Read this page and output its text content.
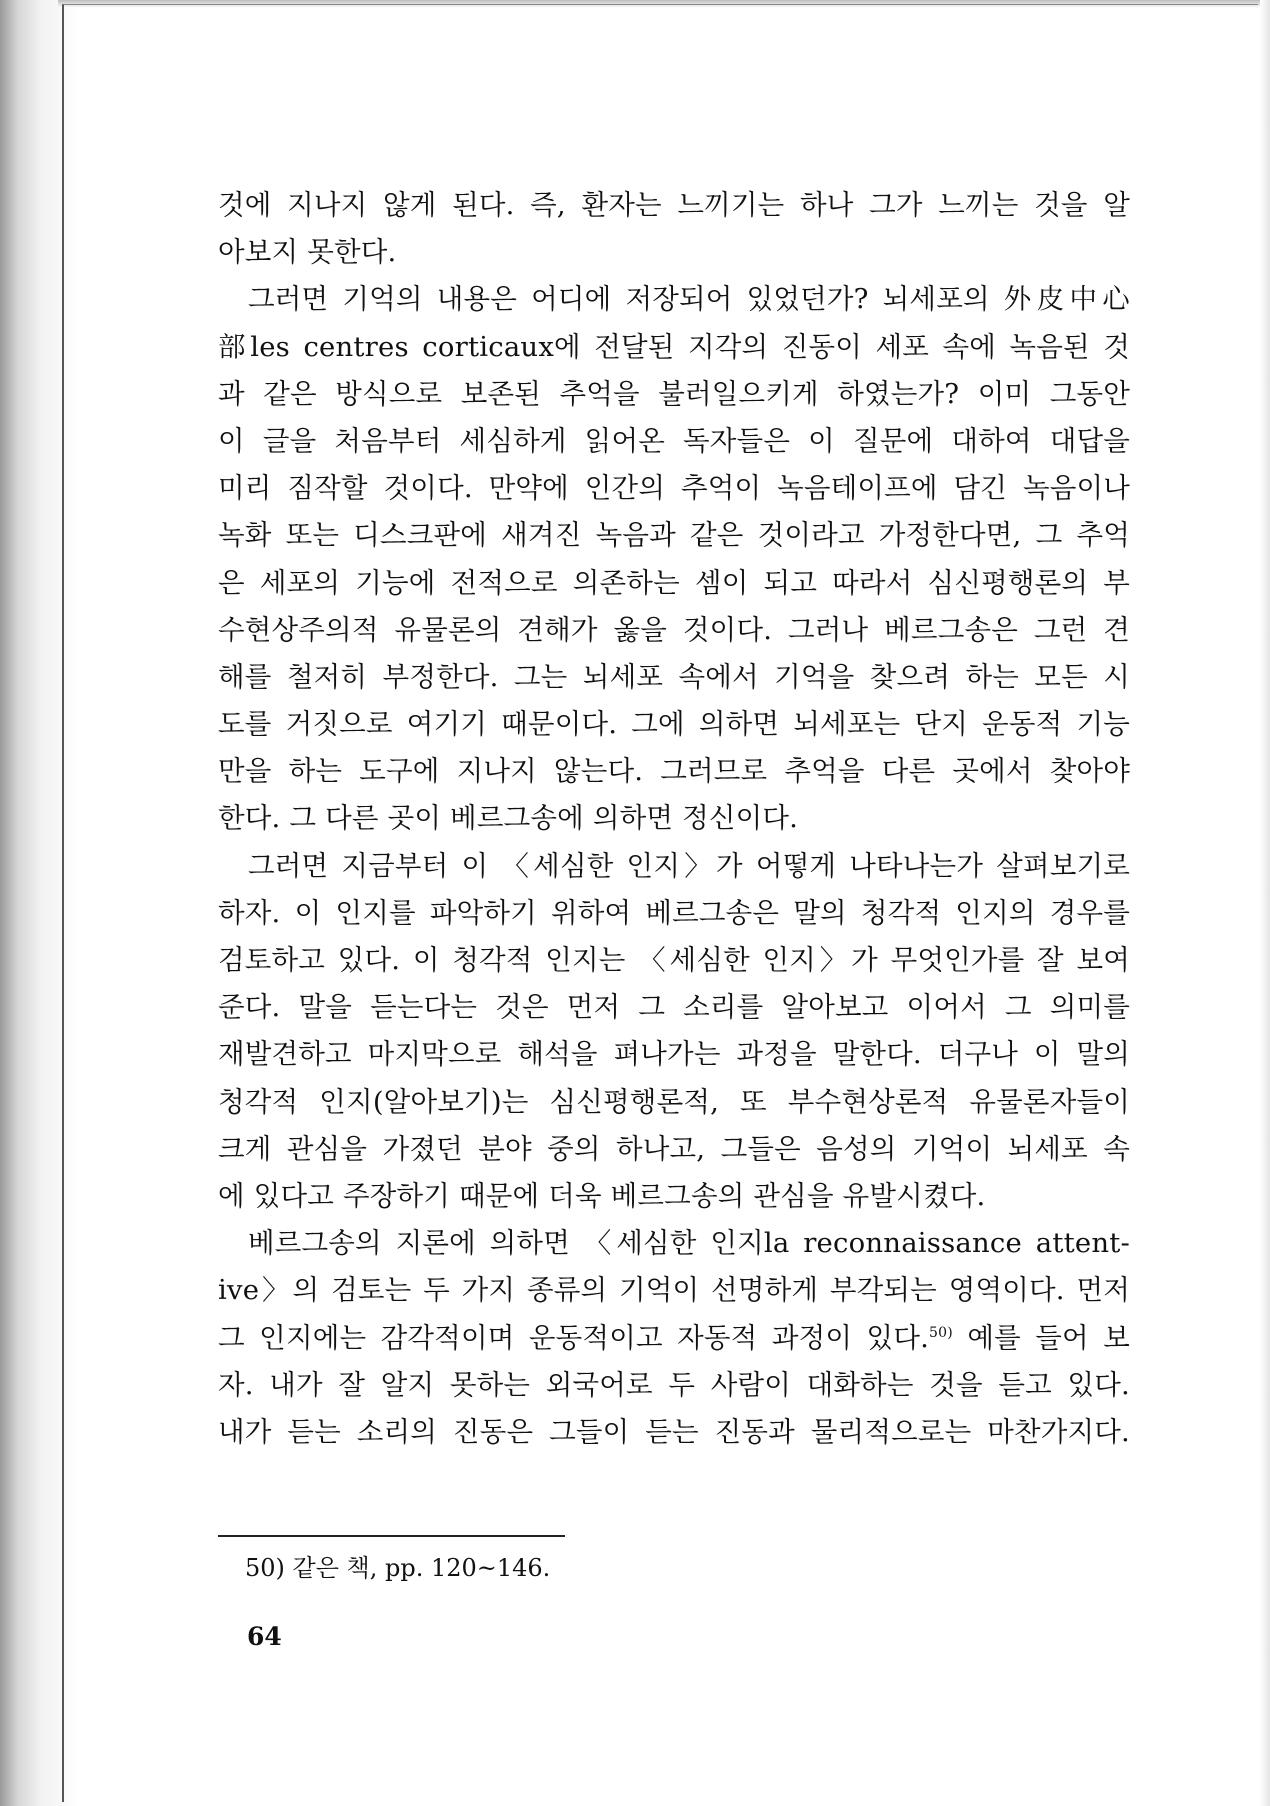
것에 지나지 않게 된다. 즉, 환자는 느끼기는 하나 그가 느끼는 것을 알
아보지 못한다.
그러면 기억의 내용은 어디에 저장되어 있었던가? 뇌세포의 外皮中心
部les centres corticaux에 전달된 지각의 진동이 세포 속에 녹음된 것
과 같은 방식으로 보존된 추억을 불러일으키게 하였는가? 이미 그동안
이 글을 처음부터 세심하게 읽어온 독자들은 이 질문에 대하여 대답을
미리 짐작할 것이다. 만약에 인간의 추억이 녹음테이프에 담긴 녹음이나
녹화 또는 디스크판에 새겨진 녹음과 같은 것이라고 가정한다면, 그 추억
은 세포의 기능에 전적으로 의존하는 셈이 되고 따라서 심신평행론의 부
수현상주의적 유물론의 견해가 옳을 것이다. 그러나 베르그송은 그런 견
해를 철저히 부정한다. 그는 뇌세포 속에서 기억을 찾으려 하는 모든 시
도를 거짓으로 여기기 때문이다. 그에 의하면 뇌세포는 단지 운동적 기능
만을 하는 도구에 지나지 않는다. 그러므로 추억을 다른 곳에서 찾아야
한다. 그 다른 곳이 베르그송에 의하면 정신이다.
그러면 지금부터 이 〈세심한 인지〉가 어떻게 나타나는가 살펴보기로
하자. 이 인지를 파악하기 위하여 베르그송은 말의 청각적 인지의 경우를
검토하고 있다. 이 청각적 인지는 〈세심한 인지〉가 무엇인가를 잘 보여
준다. 말을 듣는다는 것은 먼저 그 소리를 알아보고 이어서 그 의미를
재발견하고 마지막으로 해석을 펴나가는 과정을 말한다. 더구나 이 말의
청각적 인지(알아보기)는 심신평행론적, 또 부수현상론적 유물론자들이
크게 관심을 가졌던 분야 중의 하나고, 그들은 음성의 기억이 뇌세포 속
에 있다고 주장하기 때문에 더욱 베르그송의 관심을 유발시켰다.
베르그송의 지론에 의하면 〈세심한 인지la reconnaissance attent-
ive〉의 검토는 두 가지 종류의 기억이 선명하게 부각되는 영역이다. 먼저
그 인지에는 감각적이며 운동적이고 자동적 과정이 있다.$^{50)}$ 예를 들어 보
자. 내가 잘 알지 못하는 외국어로 두 사람이 대화하는 것을 듣고 있다.
내가 듣는 소리의 진동은 그들이 듣는 진동과 물리적으로는 마찬가지다.
50) 같은 책, pp. 120~146.
64
